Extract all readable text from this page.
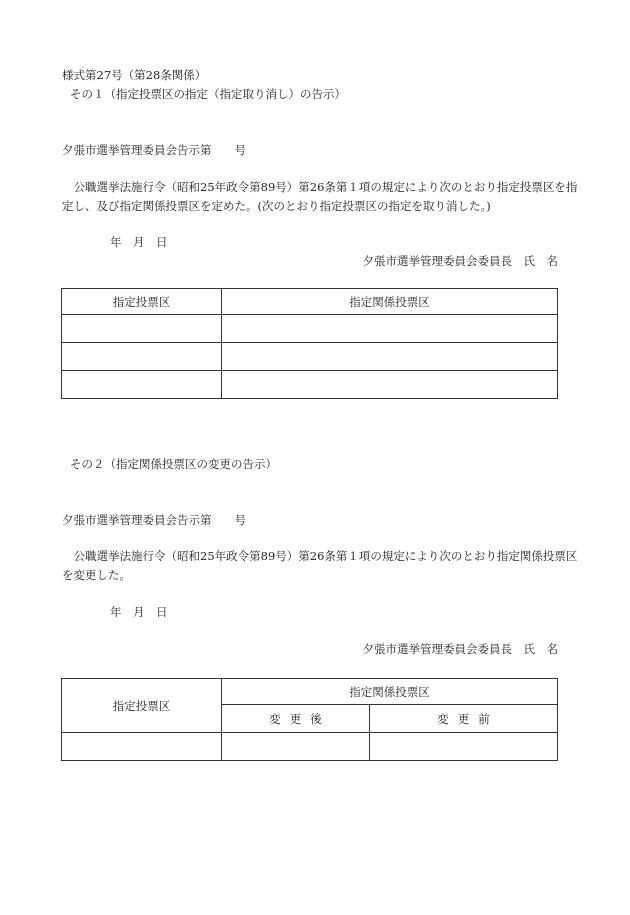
様式第27号（第28条関係）
その１（指定投票区の指定（指定取り消し）の告示）
夕張市選挙管理委員会告示第　　号
　公職選挙法施行令（昭和25年政令第89号）第26条第１項の規定により次のとおり指定投票区を指定し、及び指定関係投票区を定めた。(次のとおり指定投票区の指定を取り消した。)
年　月　日
夕張市選挙管理委員会委員長　氏　名
指定投票区	指定関係投票区

その２（指定関係投票区の変更の告示）
夕張市選挙管理委員会告示第　　号
　公職選挙法施行令（昭和25年政令第89号）第26条第１項の規定により次のとおり指定関係投票区を変更した。
年　月　日
夕張市選挙管理委員会委員長　氏　名
指定投票区	指定関係投票区	
	変更後	変更前
